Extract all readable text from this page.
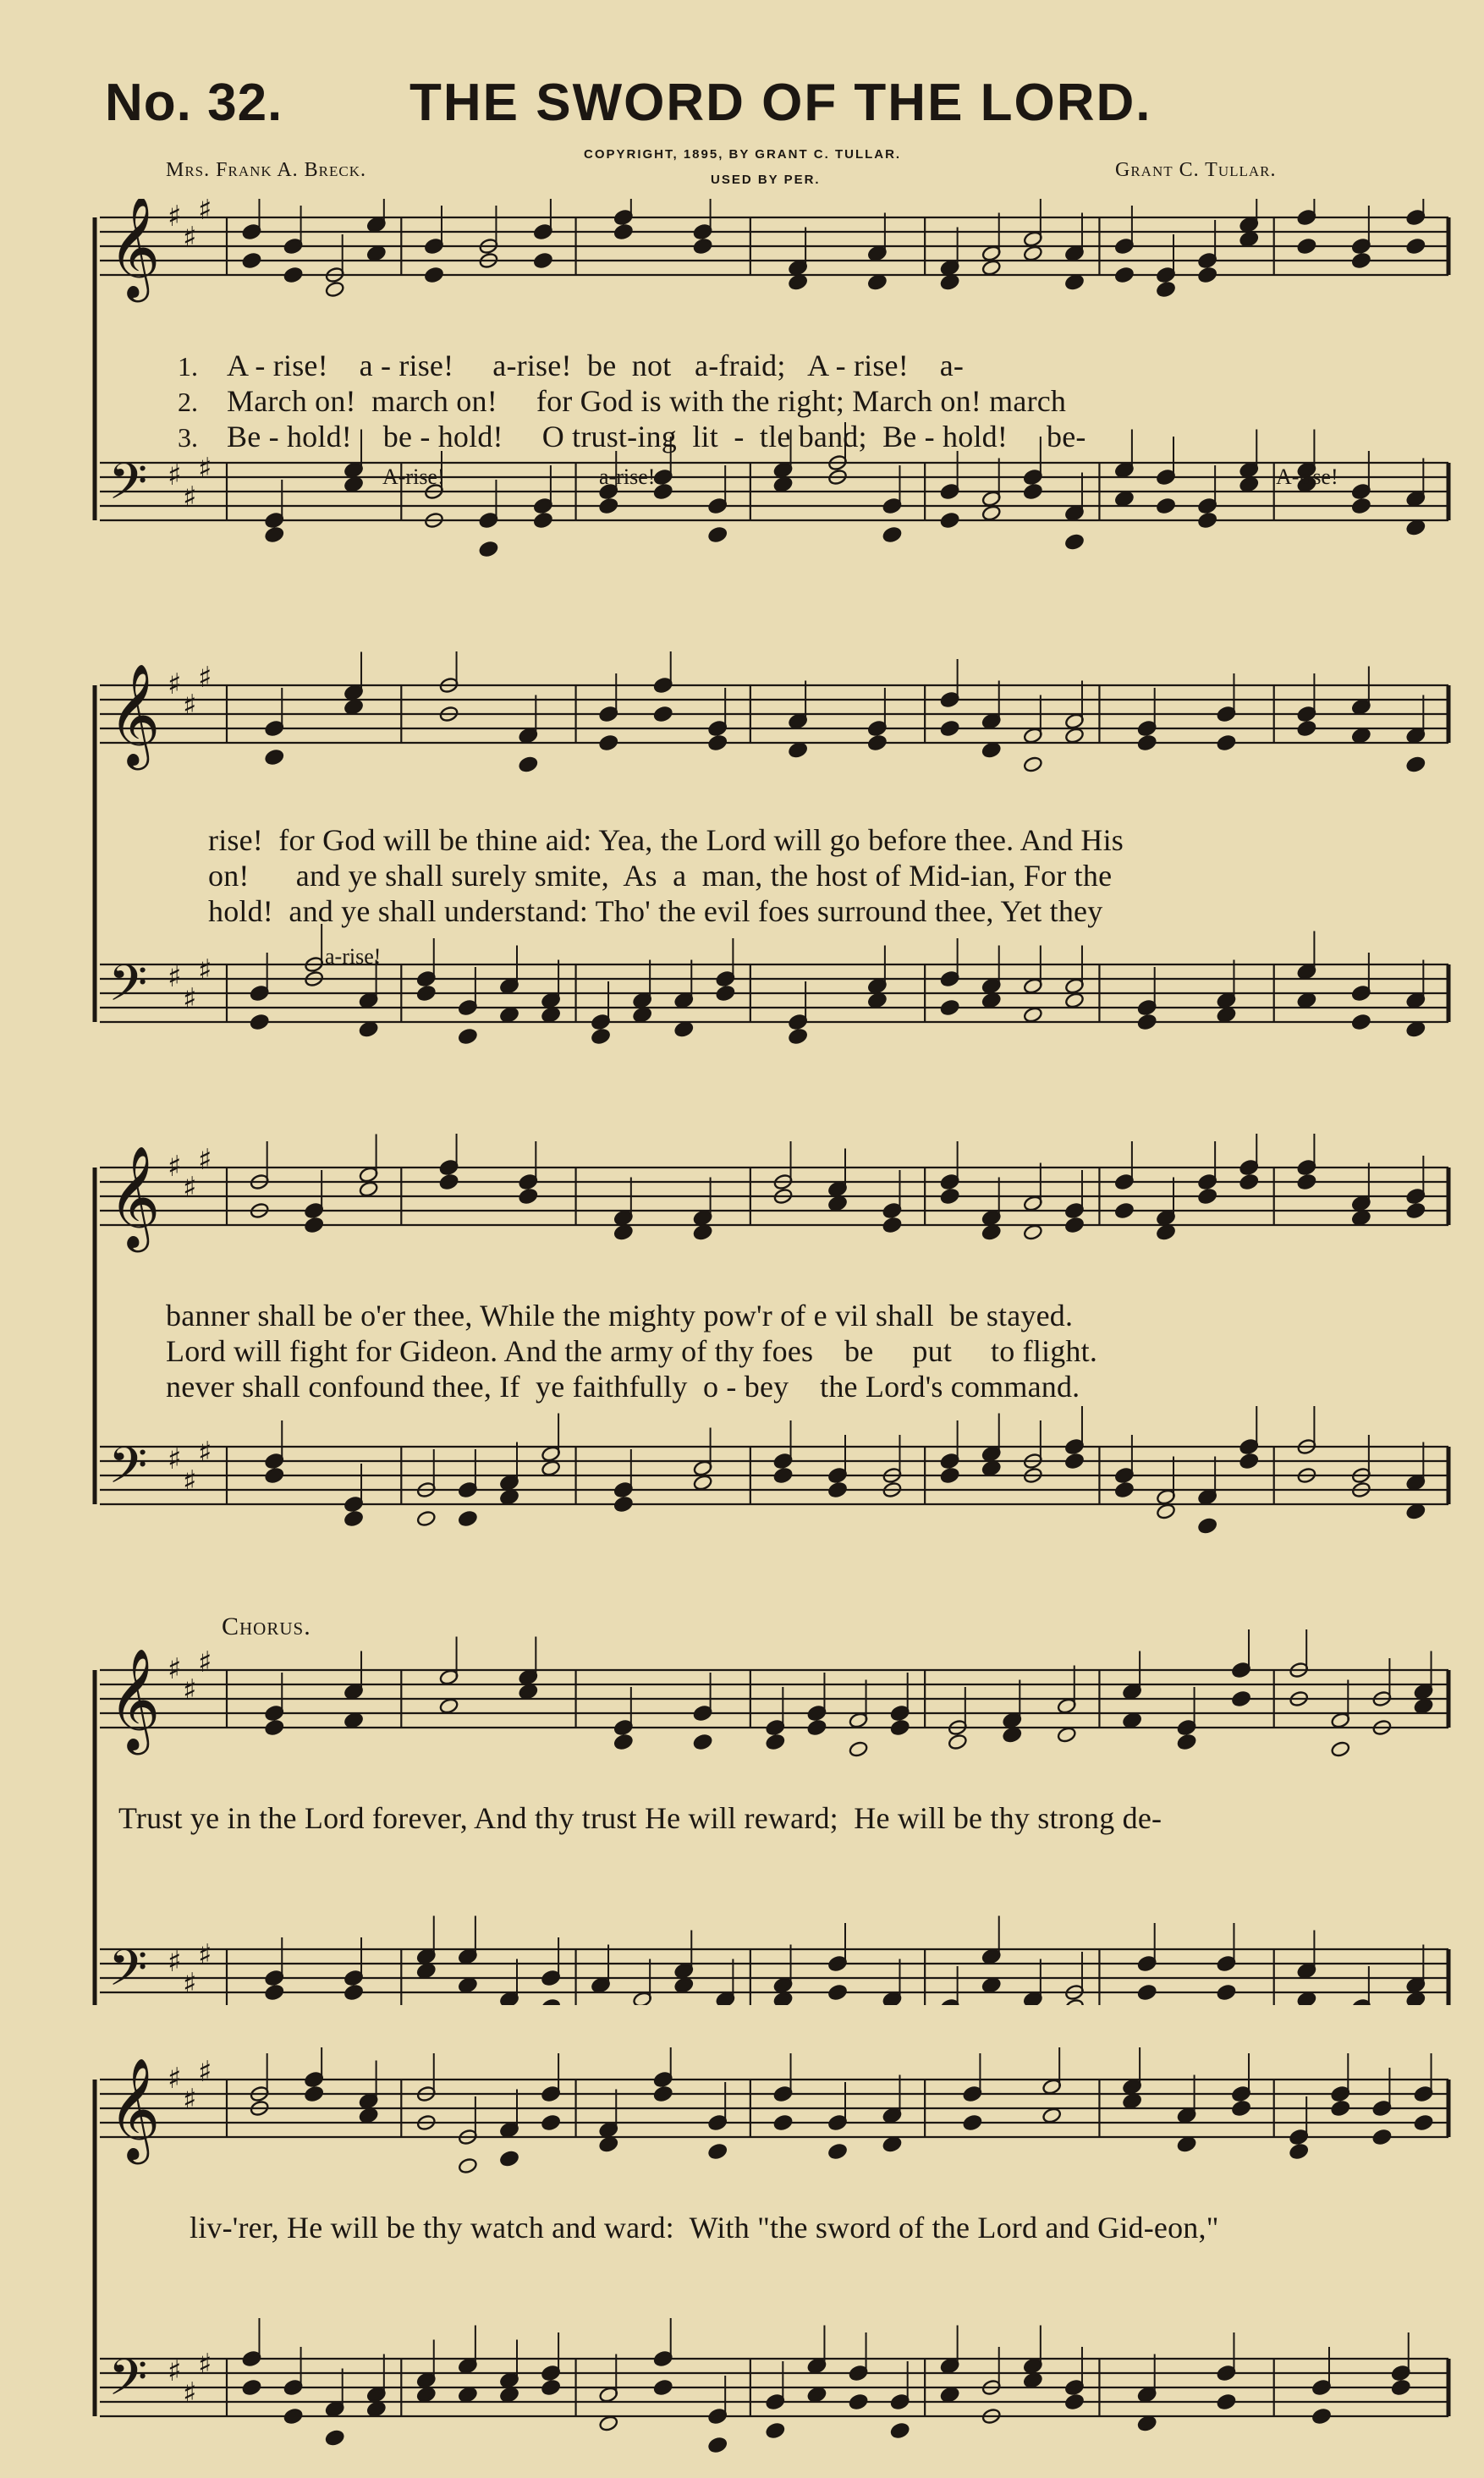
No. 32. THE SWORD OF THE LORD.
Mrs. Frank A. Breck.
COPYRIGHT, 1895, BY GRANT C. TULLAR.
USED BY PER.	Grant C. Tullar.
𝄞 ♯
♯
♯
𝄢 ♯
♯
♯
1.
2.
3.
A - rise!    a - rise!     a-rise!  be  not   a-fraid;   A - rise!    a-
March on!  march on!     for God is with the right; March on! march
Be - hold!    be - hold!     O trust-ing  lit  -  tle band;  Be - hold!     be-
A-rise!	a-rise!	A-rise!
𝄞 ♯
♯
♯
𝄢 ♯
♯
♯
rise!  for God will be thine aid: Yea, the Lord will go before thee. And His
on!      and ye shall surely smite,  As  a  man, the host of Mid-ian, For the
hold!  and ye shall understand: Tho' the evil foes surround thee, Yet they
a-rise!
𝄞 ♯
♯
♯
𝄢 ♯
♯
♯
banner shall be o'er thee, While the mighty pow'r of e vil shall  be stayed.
Lord will fight for Gideon. And the army of thy foes    be     put     to flight.
never shall confound thee, If  ye faithfully  o - bey    the Lord's command.
𝄞 ♯
♯
♯
𝄢 ♯
♯
♯
Chorus.
Trust ye in the Lord forever, And thy trust He will reward;  He will be thy strong de-
𝄞 ♯
♯
♯
𝄢 ♯
♯
♯
liv-'rer, He will be thy watch and ward:  With "the sword of the Lord and Gid-eon,"
